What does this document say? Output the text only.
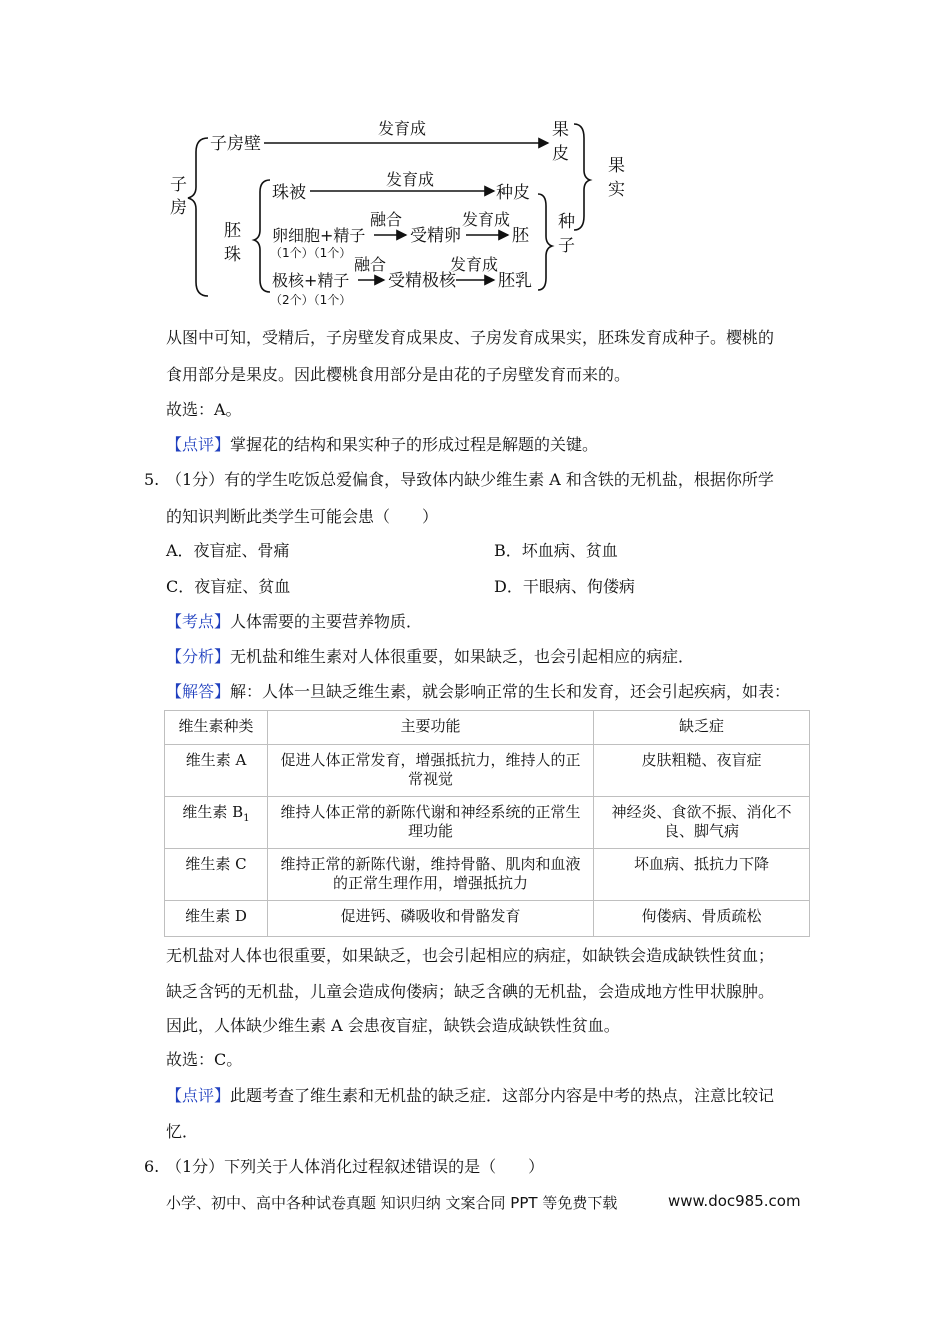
子
房
子房壁
发育成	果
皮
胚
珠
珠被
发育成
种皮
卵细胞+精子
（1个）（1个）
融合
受精卵
发育成
胚
极核+精子
（2个）（1个）
融合
受精极核
发育成
胚乳
种
子
果实
从图中可知，受精后，子房壁发育成果皮、子房发育成果实，胚珠发育成种子。樱桃的
食用部分是果皮。因此樱桃食用部分是由花的子房壁发育而来的。
故选：A。
【点评】掌握花的结构和果实种子的形成过程是解题的关键。
5. （1分）有的学生吃饭总爱偏食，导致体内缺少维生素 A 和含铁的无机盐，根据你所学
的知识判断此类学生可能会患（　　）
A．夜盲症、骨痛	B．坏血病、贫血
C．夜盲症、贫血	D．干眼病、佝偻病
【考点】人体需要的主要营养物质．
【分析】无机盐和维生素对人体很重要，如果缺乏，也会引起相应的病症．
【解答】解：人体一旦缺乏维生素，就会影响正常的生长和发育，还会引起疾病，如表：
维生素种类	主要功能	缺乏症
维生素 A	促进人体正常发育，增强抵抗力，维持人的正常视觉	皮肤粗糙、夜盲症
维生素 $B_1$	维持人体正常的新陈代谢和神经系统的正常生理功能	神经炎、食欲不振、消化不良、脚气病
维生素 C	维持正常的新陈代谢，维持骨骼、肌肉和血液的正常生理作用，增强抵抗力	坏血病、抵抗力下降
维生素 D	促进钙、磷吸收和骨骼发育	佝偻病、骨质疏松
无机盐对人体也很重要，如果缺乏，也会引起相应的病症，如缺铁会造成缺铁性贫血；
缺乏含钙的无机盐，儿童会造成佝偻病；缺乏含碘的无机盐，会造成地方性甲状腺肿。
因此，人体缺少维生素 A 会患夜盲症，缺铁会造成缺铁性贫血。
故选：C。
【点评】此题考查了维生素和无机盐的缺乏症．这部分内容是中考的热点，注意比较记
忆．
6. （1分）下列关于人体消化过程叙述错误的是（　　）
小学、初中、高中各种试卷真题 知识归纳 文案合同 PPT 等免费下载	www.doc985.com
